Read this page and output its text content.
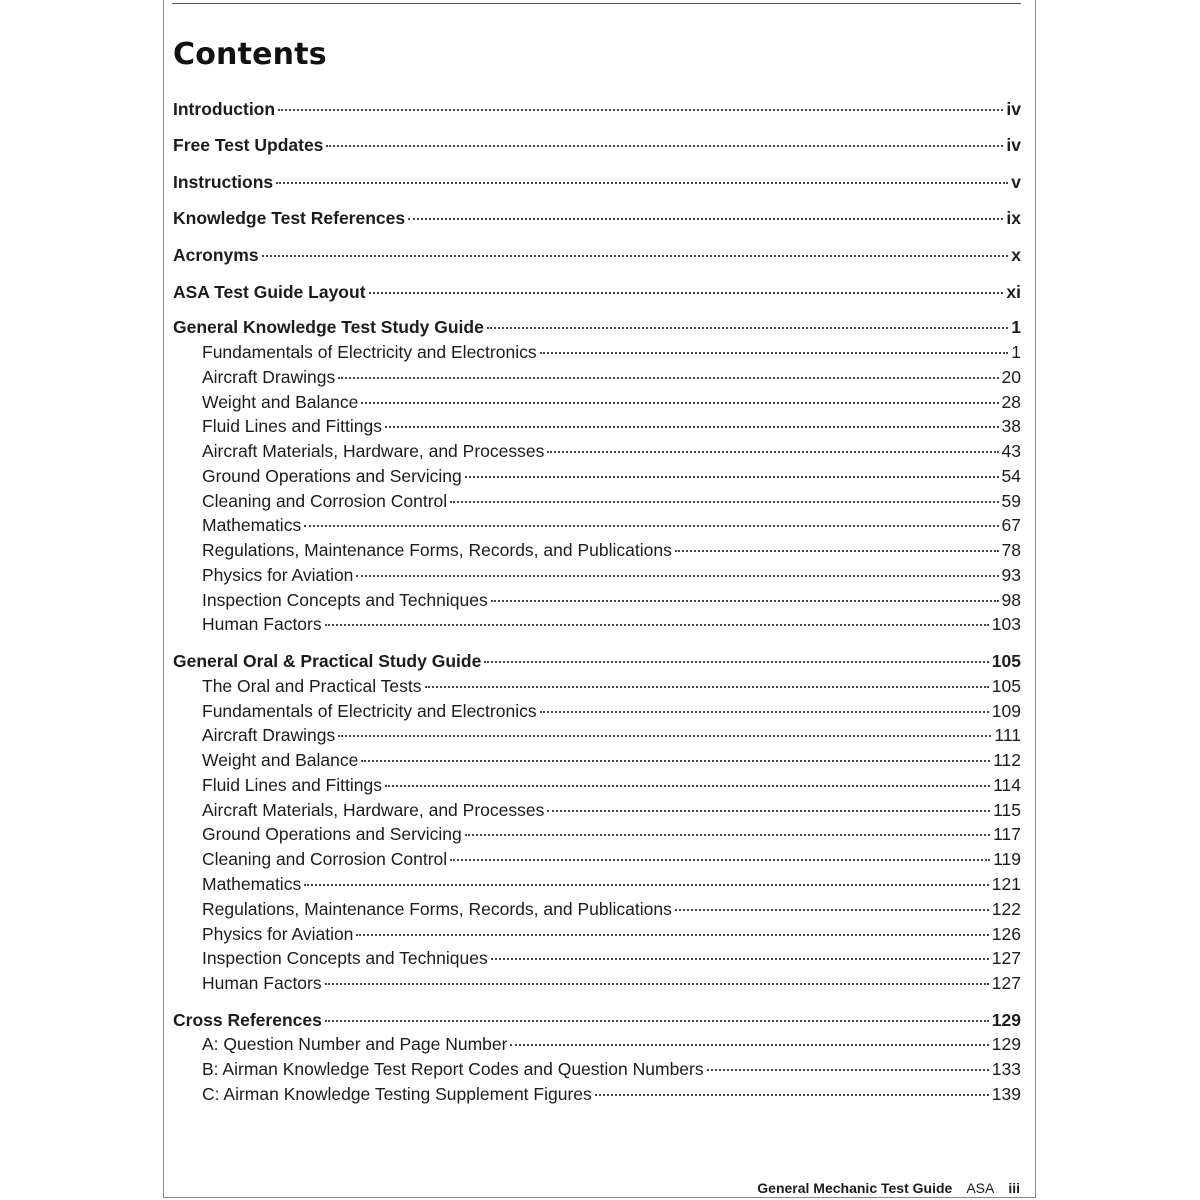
Contents
Introduction	iv
Free Test Updates	iv
Instructions	v
Knowledge Test References	ix
Acronyms	x
ASA Test Guide Layout	xi
General Knowledge Test Study Guide	1
Fundamentals of Electricity and Electronics	1
Aircraft Drawings	20
Weight and Balance	28
Fluid Lines and Fittings	38
Aircraft Materials, Hardware, and Processes	43
Ground Operations and Servicing	54
Cleaning and Corrosion Control	59
Mathematics	67
Regulations, Maintenance Forms, Records, and Publications	78
Physics for Aviation	93
Inspection Concepts and Techniques	98
Human Factors	103
General Oral & Practical Study Guide	105
The Oral and Practical Tests	105
Fundamentals of Electricity and Electronics	109
Aircraft Drawings	111
Weight and Balance	112
Fluid Lines and Fittings	114
Aircraft Materials, Hardware, and Processes	115
Ground Operations and Servicing	117
Cleaning and Corrosion Control	119
Mathematics	121
Regulations, Maintenance Forms, Records, and Publications	122
Physics for Aviation	126
Inspection Concepts and Techniques	127
Human Factors	127
Cross References	129
A: Question Number and Page Number	129
B: Airman Knowledge Test Report Codes and Question Numbers	133
C: Airman Knowledge Testing Supplement Figures	139
General Mechanic Test Guide ASA iii
